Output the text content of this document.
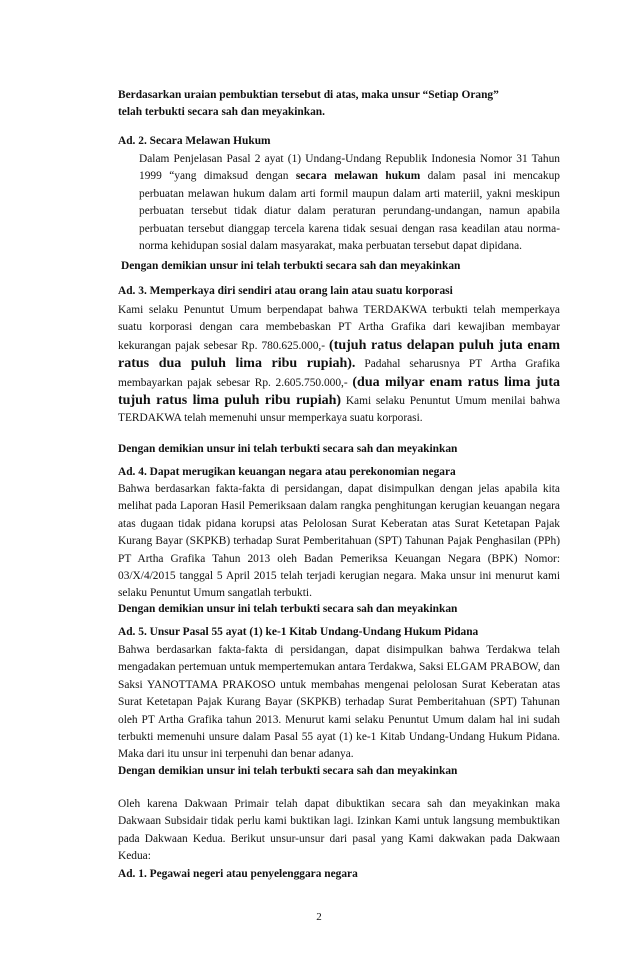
Berdasarkan uraian pembuktian tersebut di atas, maka unsur “Setiap Orang”

telah terbukti secara sah dan meyakinkan.

Ad. 2. Secara Melawan Hukum

Dalam Penjelasan Pasal 2 ayat (1) Undang-Undang Republik Indonesia Nomor 31 Tahun 1999 “yang dimaksud dengan secara melawan hukum dalam pasal ini mencakup perbuatan melawan hukum dalam arti formil maupun dalam arti materiil, yakni meskipun perbuatan tersebut tidak diatur dalam peraturan perundang-undangan, namun apabila perbuatan tersebut dianggap tercela karena tidak sesuai dengan rasa keadilan atau norma-norma kehidupan sosial dalam masyarakat, maka perbuatan tersebut dapat dipidana.

Dengan demikian unsur ini telah terbukti secara sah dan meyakinkan
Ad. 3. Memperkaya diri sendiri atau orang lain atau suatu korporasi

Kami selaku Penuntut Umum berpendapat bahwa TERDAKWA terbukti telah memperkaya suatu korporasi dengan cara membebaskan PT Artha Grafika dari kewajiban membayar kekurangan pajak sebesar Rp. 780.625.000,- (tujuh ratus delapan puluh juta enam ratus dua puluh lima ribu rupiah). Padahal seharusnya PT Artha Grafika membayarkan pajak sebesar Rp. 2.605.750.000,- (dua milyar enam ratus lima juta tujuh ratus lima puluh ribu rupiah) Kami selaku Penuntut Umum menilai bahwa TERDAKWA telah memenuhi unsur memperkaya suatu korporasi.

Dengan demikian unsur ini telah terbukti secara sah dan meyakinkan
Ad. 4. Dapat merugikan keuangan negara atau perekonomian negara

Bahwa berdasarkan fakta-fakta di persidangan, dapat disimpulkan dengan jelas apabila kita melihat pada Laporan Hasil Pemeriksaan dalam rangka penghitungan kerugian keuangan negara atas dugaan tidak pidana korupsi atas Pelolosan Surat Keberatan atas Surat Ketetapan Pajak Kurang Bayar (SKPKB) terhadap Surat Pemberitahuan (SPT) Tahunan Pajak Penghasilan (PPh) PT Artha Grafika Tahun 2013 oleh Badan Pemeriksa Keuangan Negara (BPK) Nomor: 03/X/4/2015 tanggal 5 April 2015 telah terjadi kerugian negara. Maka unsur ini menurut kami selaku Penuntut Umum sangatlah terbukti.

Dengan demikian unsur ini telah terbukti secara sah dan meyakinkan
Ad. 5. Unsur Pasal 55 ayat (1) ke-1 Kitab Undang-Undang Hukum Pidana

Bahwa berdasarkan fakta-fakta di persidangan, dapat disimpulkan bahwa Terdakwa telah mengadakan pertemuan untuk mempertemukan antara Terdakwa, Saksi ELGAM PRABOW, dan Saksi YANOTTAMA PRAKOSO untuk membahas mengenai pelolosan Surat Keberatan atas Surat Ketetapan Pajak Kurang Bayar (SKPKB) terhadap Surat Pemberitahuan (SPT) Tahunan oleh PT Artha Grafika tahun 2013. Menurut kami selaku Penuntut Umum dalam hal ini sudah terbukti memenuhi unsure dalam Pasal 55 ayat (1) ke-1 Kitab Undang-Undang Hukum Pidana. Maka dari itu unsur ini terpenuhi dan benar adanya.

Dengan demikian unsur ini telah terbukti secara sah dan meyakinkan

Oleh karena Dakwaan Primair telah dapat dibuktikan secara sah dan meyakinkan maka Dakwaan Subsidair tidak perlu kami buktikan lagi. Izinkan Kami untuk langsung membuktikan pada Dakwaan Kedua. Berikut unsur-unsur dari pasal yang Kami dakwakan pada Dakwaan Kedua:

Ad. 1. Pegawai negeri atau penyelenggara negara
2
